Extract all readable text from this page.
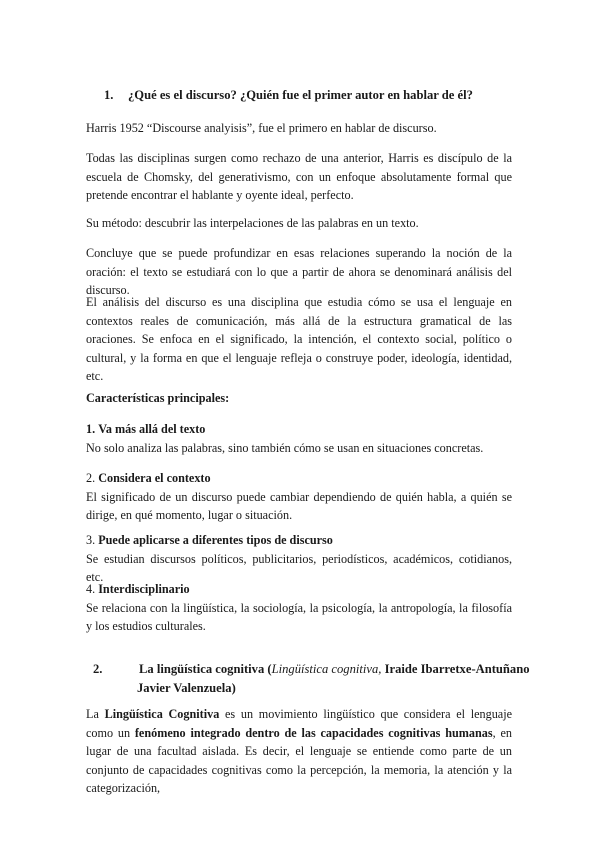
1. ¿Qué es el discurso? ¿Quién fue el primer autor en hablar de él?

Harris 1952 “Discourse analyisis”, fue el primero en hablar de discurso.

Todas las disciplinas surgen como rechazo de una anterior, Harris es discípulo de la escuela de Chomsky, del generativismo, con un enfoque absolutamente formal que pretende encontrar el hablante y oyente ideal, perfecto.

Su método: descubrir las interpelaciones de las palabras en un texto.

Concluye que se puede profundizar en esas relaciones superando la noción de la oración: el texto se estudiará con lo que a partir de ahora se denominará análisis del discurso.

El análisis del discurso es una disciplina que estudia cómo se usa el lenguaje en contextos reales de comunicación, más allá de la estructura gramatical de las oraciones. Se enfoca en el significado, la intención, el contexto social, político o cultural, y la forma en que el lenguaje refleja o construye poder, ideología, identidad, etc.

Características principales:

1. Va más allá del texto
No solo analiza las palabras, sino también cómo se usan en situaciones concretas.
2. Considera el contexto
El significado de un discurso puede cambiar dependiendo de quién habla, a quién se dirige, en qué momento, lugar o situación.
3. Puede aplicarse a diferentes tipos de discurso
Se estudian discursos políticos, publicitarios, periodísticos, académicos, cotidianos, etc.
4. Interdisciplinario
Se relaciona con la lingüística, la sociología, la psicología, la antropología, la filosofía y los estudios culturales.

2.	La lingüística cognitiva (Lingüística cognitiva, Iraide Ibarretxe-Antuñano Javier Valenzuela)

La Lingüística Cognitiva es un movimiento lingüístico que considera el lenguaje como un fenómeno integrado dentro de las capacidades cognitivas humanas, en lugar de una facultad aislada. Es decir, el lenguaje se entiende como parte de un conjunto de capacidades cognitivas como la percepción, la memoria, la atención y la categorización,
